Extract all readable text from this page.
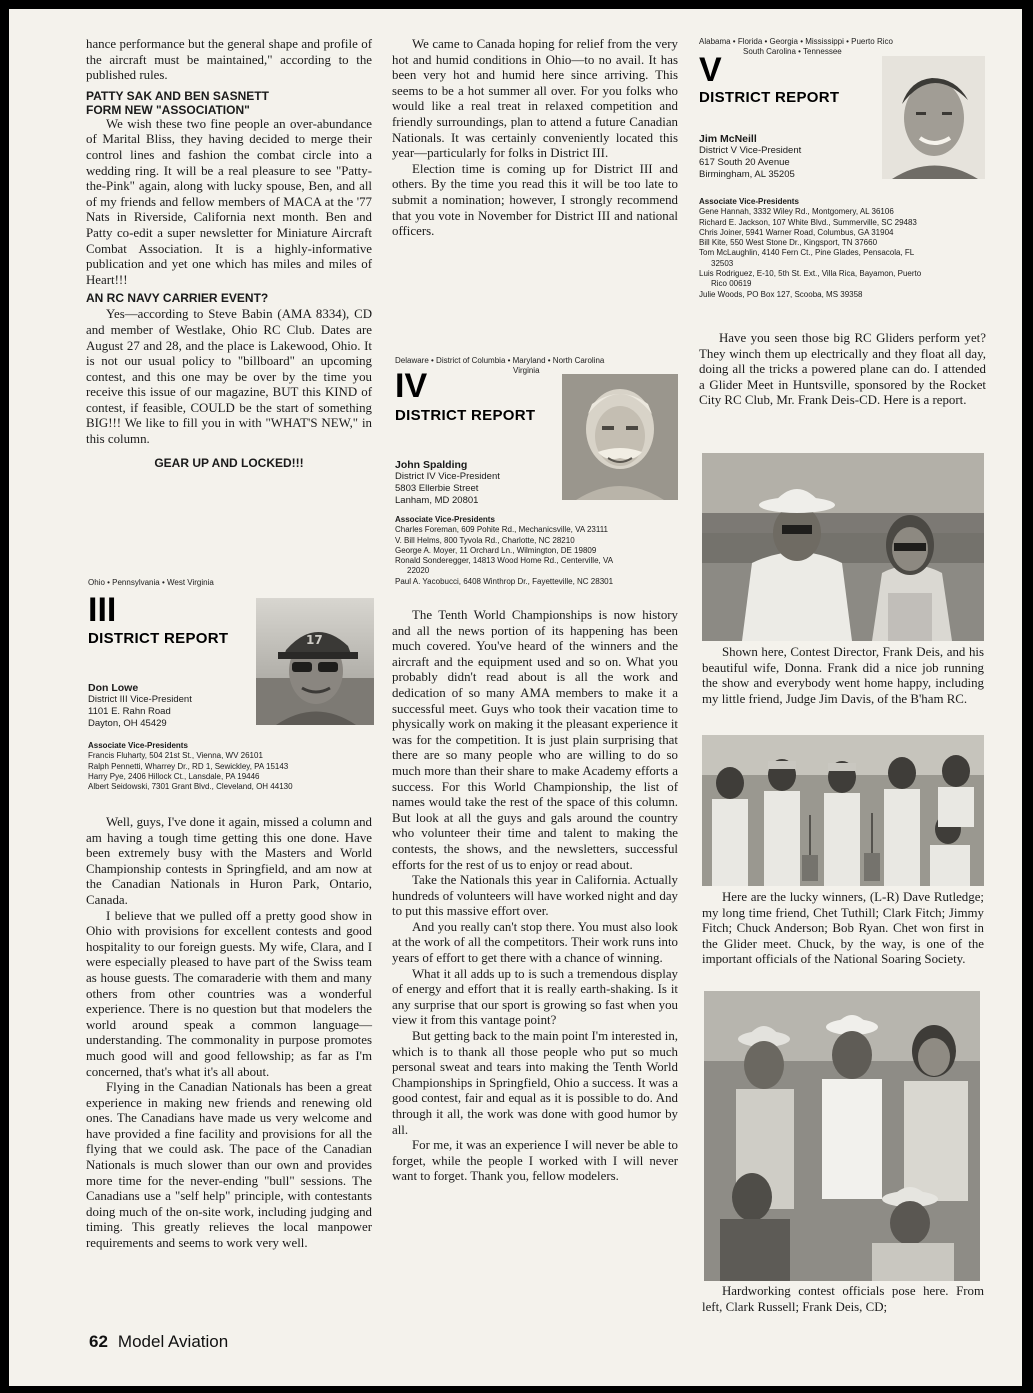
hance performance but the general shape and profile of the aircraft must be maintained," according to the published rules.

PATTY SAK AND BEN SASNETT
FORM NEW "ASSOCIATION"

We wish these two fine people an over-abundance of Marital Bliss, they having decided to merge their control lines and fashion the combat circle into a wedding ring. It will be a real pleasure to see "Patty-the-Pink" again, along with lucky spouse, Ben, and all of my friends and fellow members of MACA at the '77 Nats in Riverside, California next month. Ben and Patty co-edit a super newsletter for Miniature Aircraft Combat Association. It is a highly-informative publication and yet one which has miles and miles of Heart!!!

AN RC NAVY CARRIER EVENT?

Yes—according to Steve Babin (AMA 8334), CD and member of Westlake, Ohio RC Club. Dates are August 27 and 28, and the place is Lakewood, Ohio. It is not our usual policy to "billboard" an upcoming contest, and this one may be over by the time you receive this issue of our magazine, BUT this KIND of contest, if feasible, COULD be the start of something BIG!!! We like to fill you in with "WHAT'S NEW," in this column.

GEAR UP AND LOCKED!!!
Ohio • Pennsylvania • West Virginia
III
DISTRICT REPORT	17
Don Lowe
District III Vice-President
1101 E. Rahn Road
Dayton, OH 45429
Associate Vice-Presidents
Francis Fluharty, 504 21st St., Vienna, WV 26101
Ralph Pennetti, Wharrey Dr., RD 1, Sewickley, PA 15143
Harry Pye, 2406 Hillock Ct., Lansdale, PA 19446
Albert Seidowski, 7301 Grant Blvd., Cleveland, OH 44130

Well, guys, I've done it again, missed a column and am having a tough time getting this one done. Have been extremely busy with the Masters and World Championship contests in Springfield, and am now at the Canadian Nationals in Huron Park, Ontario, Canada.

I believe that we pulled off a pretty good show in Ohio with provisions for excellent contests and good hospitality to our foreign guests. My wife, Clara, and I were especially pleased to have part of the Swiss team as house guests. The comaraderie with them and many others from other countries was a wonderful experience. There is no question but that modelers the world around speak a common language—understanding. The commonality in purpose promotes much good will and good fellowship; as far as I'm concerned, that's what it's all about.

Flying in the Canadian Nationals has been a great experience in making new friends and renewing old ones. The Canadians have made us very welcome and have provided a fine facility and provisions for all the flying that we could ask. The pace of the Canadian Nationals is much slower than our own and provides more time for the never-ending "bull" sessions. The Canadians use a "self help" principle, with contestants doing much of the on-site work, including judging and timing. This greatly relieves the local manpower requirements and seems to work very well.

We came to Canada hoping for relief from the very hot and humid conditions in Ohio—to no avail. It has been very hot and humid here since arriving. This seems to be a hot summer all over. For you folks who would like a real treat in relaxed competition and friendly surroundings, plan to attend a future Canadian Nationals. It was certainly conveniently located this year—particularly for folks in District III.

Election time is coming up for District III and others. By the time you read this it will be too late to submit a nomination; however, I strongly recommend that you vote in November for District III and national officers.

Delaware • District of Columbia • Maryland • North Carolina
Virginia
IV
DISTRICT REPORT
John Spalding
District IV Vice-President
5803 Ellerbie Street
Lanham, MD 20801
Associate Vice-Presidents
Charles Foreman, 609 Pohite Rd., Mechanicsville, VA 23111
V. Bill Helms, 800 Tyvola Rd., Charlotte, NC 28210
George A. Moyer, 11 Orchard Ln., Wilmington, DE 19809
Ronald Sonderegger, 14813 Wood Home Rd., Centerville, VA
22020
Paul A. Yacobucci, 6408 Winthrop Dr., Fayetteville, NC 28301

The Tenth World Championships is now history and all the news portion of its happening has been much covered. You've heard of the winners and the aircraft and the equipment used and so on. What you probably didn't read about is all the work and dedication of so many AMA members to make it a successful meet. Guys who took their vacation time to physically work on making it the pleasant experience it was for the competition. It is just plain surprising that there are so many people who are willing to do so much more than their share to make Academy efforts a success. For this World Championship, the list of names would take the rest of the space of this column. But look at all the guys and gals around the country who volunteer their time and talent to making the contests, the shows, and the newsletters, successful efforts for the rest of us to enjoy or read about.

Take the Nationals this year in California. Actually hundreds of volunteers will have worked night and day to put this massive effort over.

And you really can't stop there. You must also look at the work of all the competitors. Their work runs into years of effort to get there with a chance of winning.

What it all adds up to is such a tremendous display of energy and effort that it is really earth-shaking. Is it any surprise that our sport is growing so fast when you view it from this vantage point?

But getting back to the main point I'm interested in, which is to thank all those people who put so much personal sweat and tears into making the Tenth World Championships in Springfield, Ohio a success. It was a good contest, fair and equal as it is possible to do. And through it all, the work was done with good humor by all.

For me, it was an experience I will never be able to forget, while the people I worked with I will never want to forget. Thank you, fellow modelers.

Alabama • Florida • Georgia • Mississippi • Puerto Rico
South Carolina • Tennessee
V
DISTRICT REPORT
Jim McNeill
District V Vice-President
617 South 20 Avenue
Birmingham, AL 35205
Associate Vice-Presidents
Gene Hannah, 3332 Wiley Rd., Montgomery, AL 36106
Richard E. Jackson, 107 White Blvd., Summerville, SC 29483
Chris Joiner, 5941 Warner Road, Columbus, GA 31904
Bill Kite, 550 West Stone Dr., Kingsport, TN 37660
Tom McLaughlin, 4140 Fern Ct., Pine Glades, Pensacola, FL
32503
Luis Rodriguez, E-10, 5th St. Ext., Villa Rica, Bayamon, Puerto
Rico 00619
Julie Woods, PO Box 127, Scooba, MS 39358

Have you seen those big RC Gliders perform yet? They winch them up electrically and they float all day, doing all the tricks a powered plane can do. I attended a Glider Meet in Huntsville, sponsored by the Rocket City RC Club, Mr. Frank Deis-CD. Here is a report.

Shown here, Contest Director, Frank Deis, and his beautiful wife, Donna. Frank did a nice job running the show and everybody went home happy, including my little friend, Judge Jim Davis, of the B'ham RC.

Here are the lucky winners, (L-R) Dave Rutledge; my long time friend, Chet Tuthill; Clark Fitch; Jimmy Fitch; Chuck Anderson; Bob Ryan. Chet won first in the Glider meet. Chuck, by the way, is one of the important officials of the National Soaring Society.

Hardworking contest officials pose here. From left, Clark Russell; Frank Deis, CD;

62 Model Aviation
